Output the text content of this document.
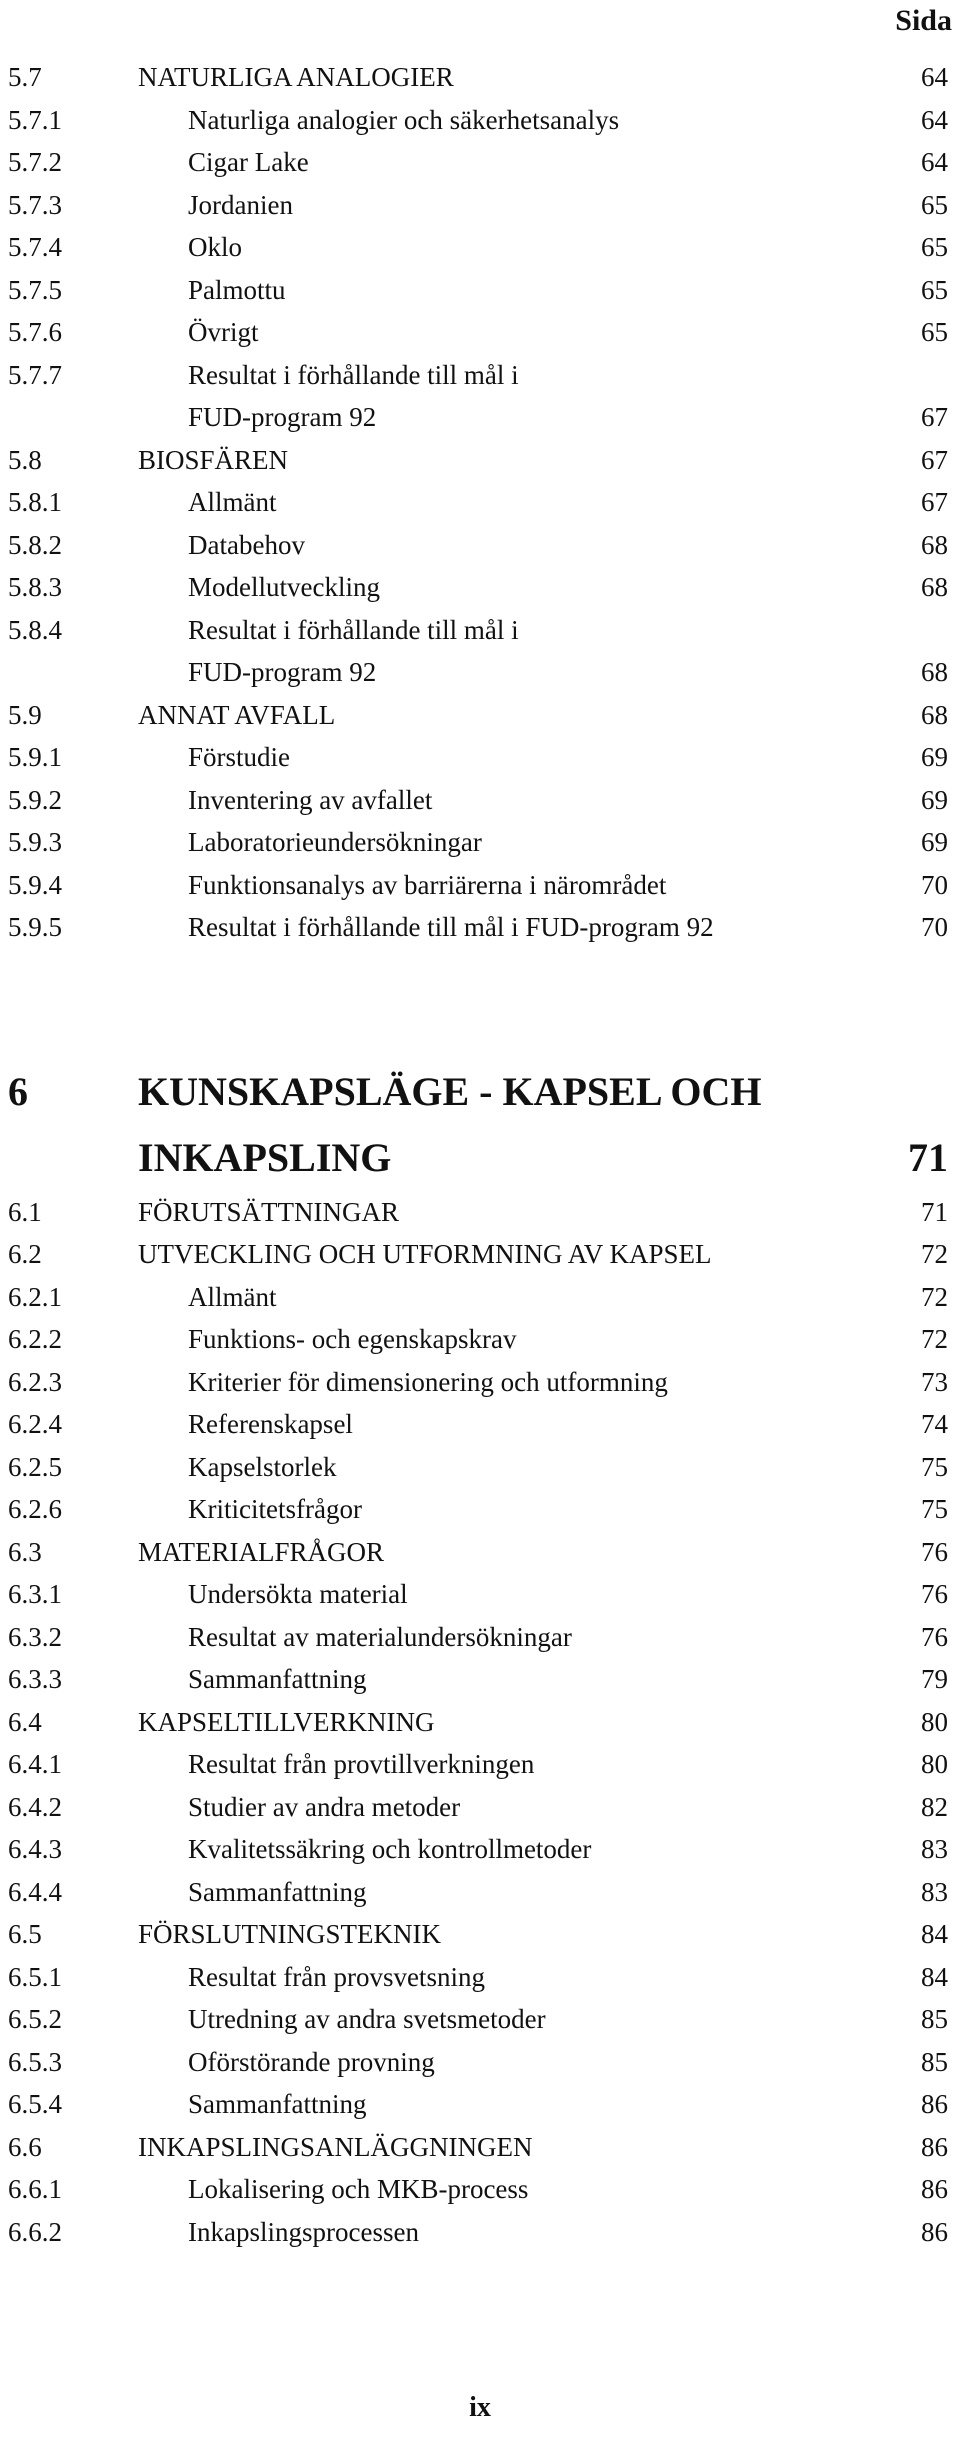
Sida
5.7	NATURLIGA ANALOGIER	64
5.7.1	Naturliga analogier och säkerhetsanalys	64
5.7.2	Cigar Lake	64
5.7.3	Jordanien	65
5.7.4	Oklo	65
5.7.5	Palmottu	65
5.7.6	Övrigt	65
5.7.7	Resultat i förhållande till mål i
FUD-program 92	67
5.8	BIOSFÄREN	67
5.8.1	Allmänt	67
5.8.2	Databehov	68
5.8.3	Modellutveckling	68
5.8.4	Resultat i förhållande till mål i
FUD-program 92	68
5.9	ANNAT AVFALL	68
5.9.1	Förstudie	69
5.9.2	Inventering av avfallet	69
5.9.3	Laboratorieundersökningar	69
5.9.4	Funktionsanalys av barriärerna i närområdet	70
5.9.5	Resultat i förhållande till mål i FUD-program 92	70
6	KUNSKAPSLÄGE - KAPSEL OCH
INKAPSLING	71
6.1	FÖRUTSÄTTNINGAR	71
6.2	UTVECKLING OCH UTFORMNING AV KAPSEL	72
6.2.1	Allmänt	72
6.2.2	Funktions- och egenskapskrav	72
6.2.3	Kriterier för dimensionering och utformning	73
6.2.4	Referenskapsel	74
6.2.5	Kapselstorlek	75
6.2.6	Kriticitetsfrågor	75
6.3	MATERIALFRÅGOR	76
6.3.1	Undersökta material	76
6.3.2	Resultat av materialundersökningar	76
6.3.3	Sammanfattning	79
6.4	KAPSELTILLVERKNING	80
6.4.1	Resultat från provtillverkningen	80
6.4.2	Studier av andra metoder	82
6.4.3	Kvalitetssäkring och kontrollmetoder	83
6.4.4	Sammanfattning	83
6.5	FÖRSLUTNINGSTEKNIK	84
6.5.1	Resultat från provsvetsning	84
6.5.2	Utredning av andra svetsmetoder	85
6.5.3	Oförstörande provning	85
6.5.4	Sammanfattning	86
6.6	INKAPSLINGSANLÄGGNINGEN	86
6.6.1	Lokalisering och MKB-process	86
6.6.2	Inkapslingsprocessen	86
ix
